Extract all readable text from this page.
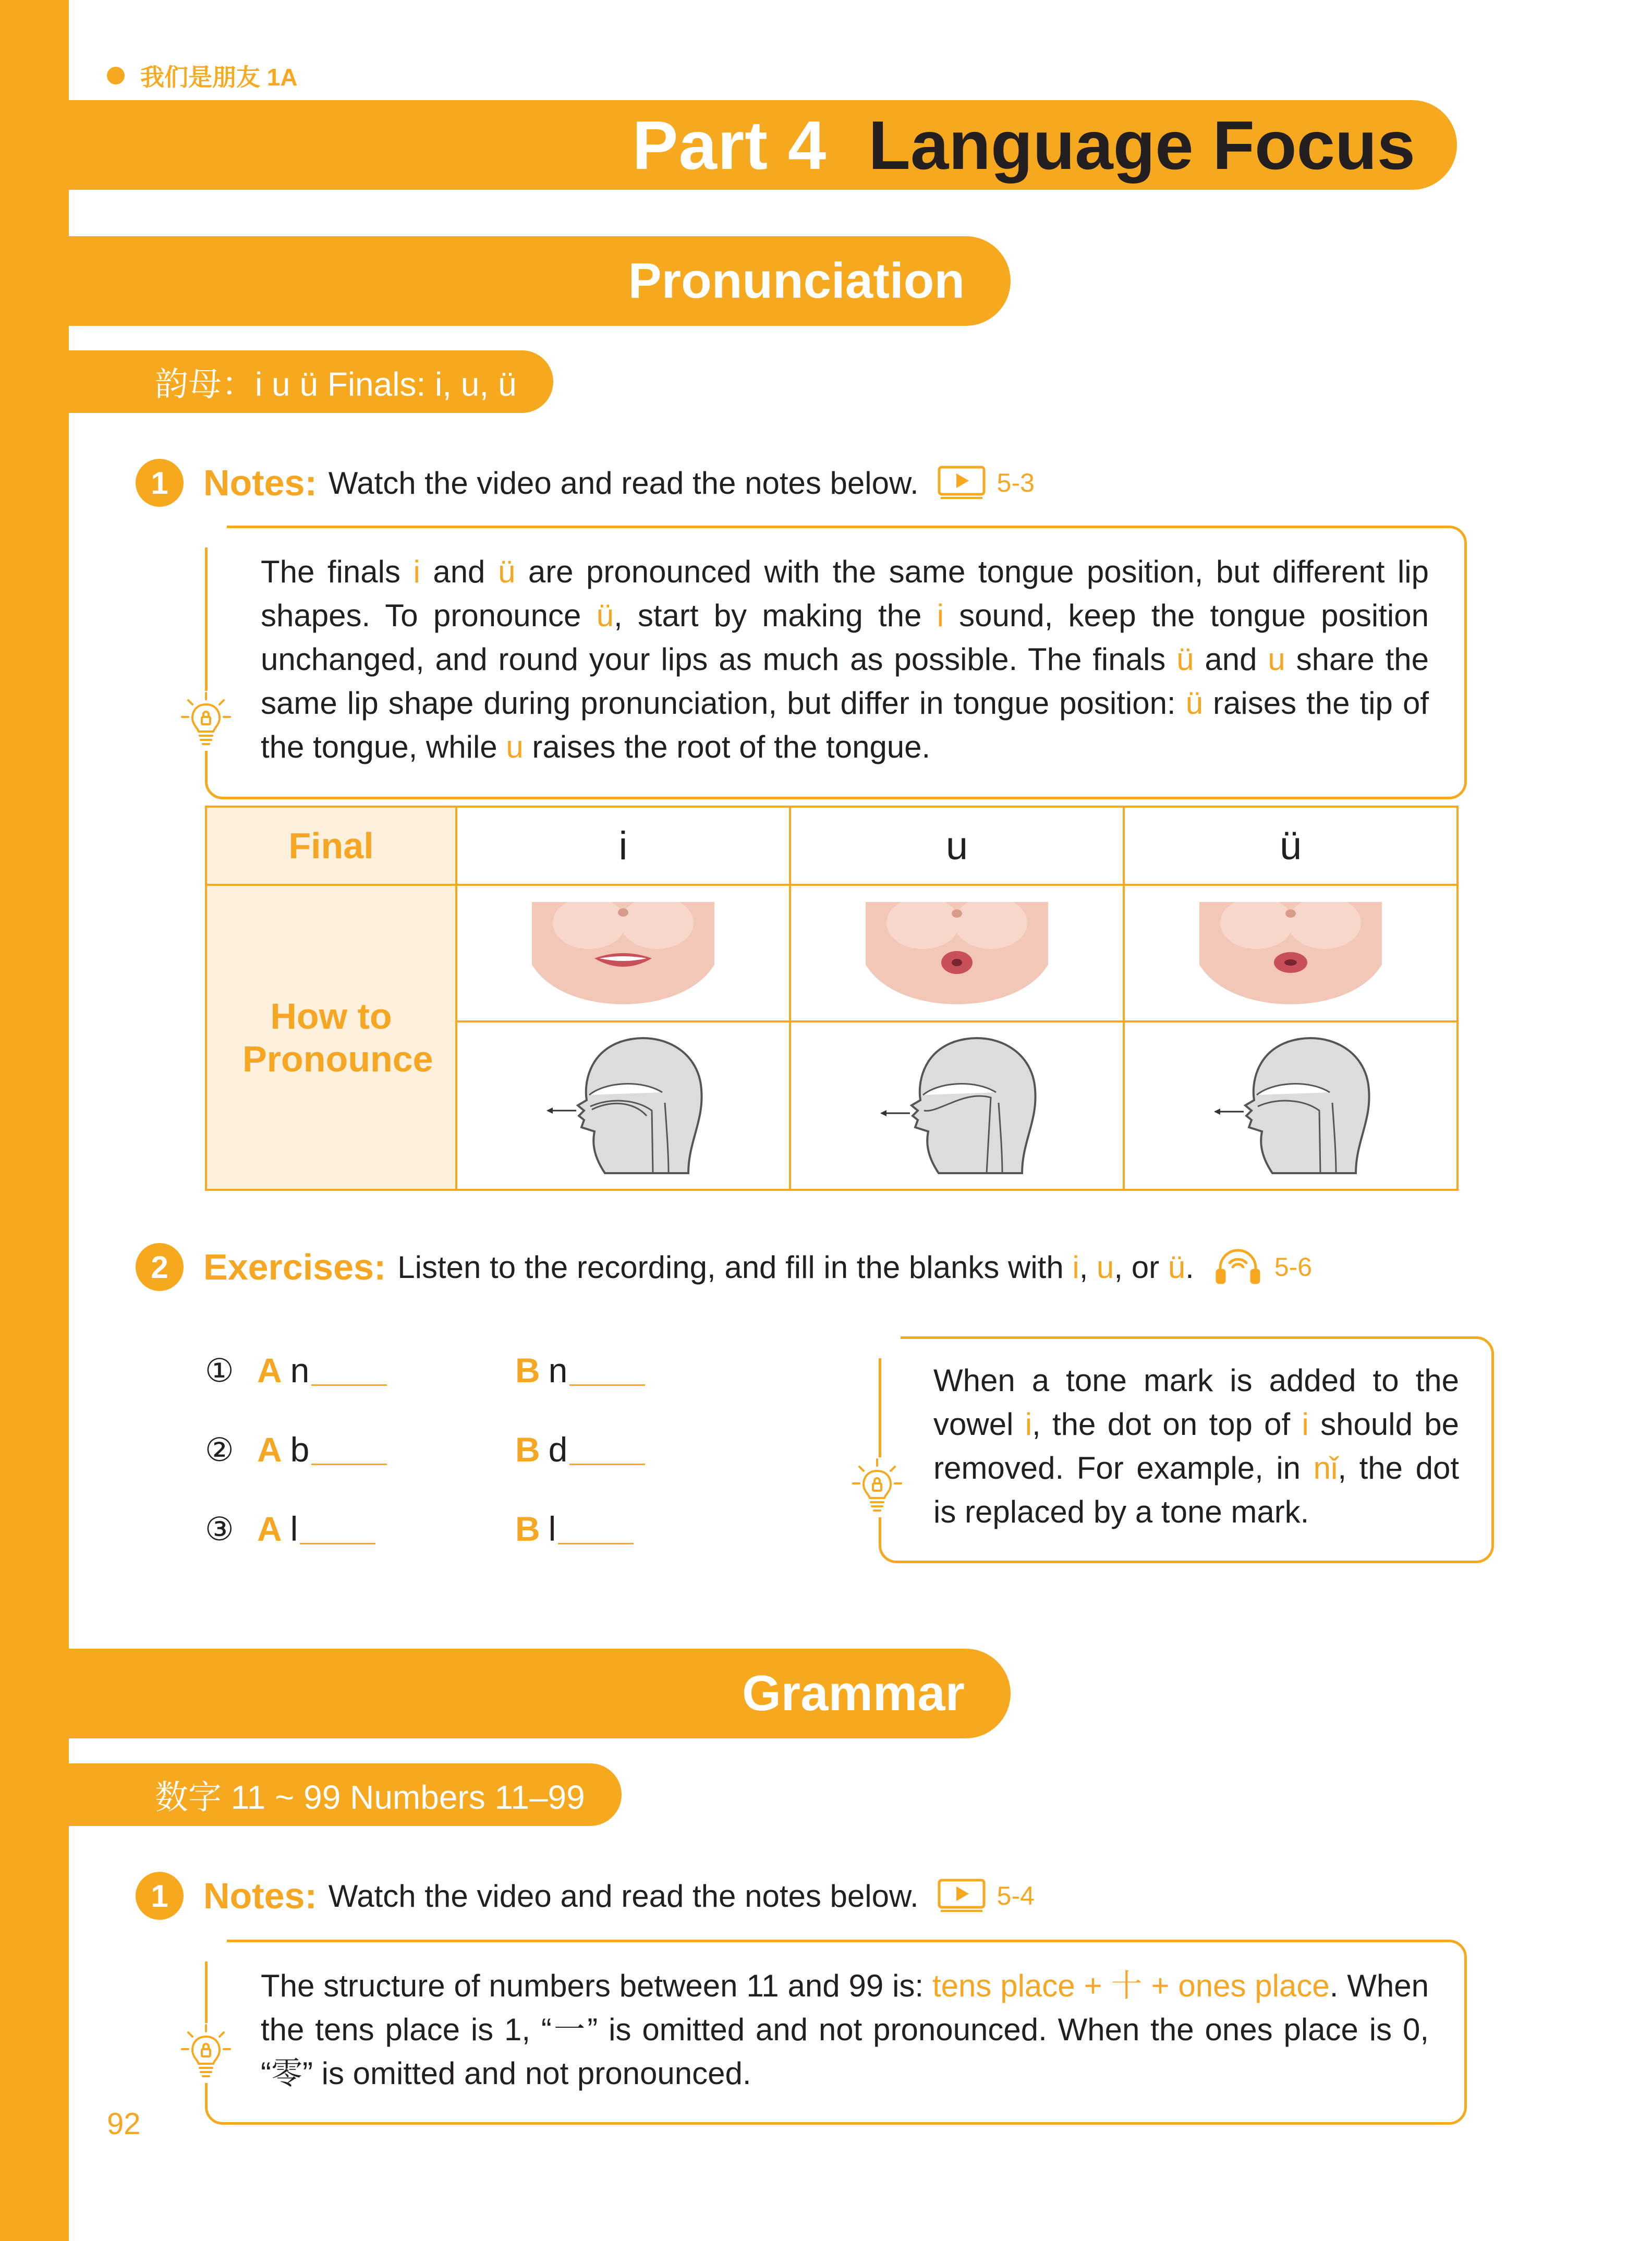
我们是朋友 1A
Part 4 Language Focus
Pronunciation
韵母：i u ü Finals: i, u, ü
1 Notes: Watch the video and read the notes below.	5-3

The finals i and ü are pronounced with the same tongue position, but different lip shapes. To pronounce ü, start by making the i sound, keep the tongue position unchanged, and round your lips as much as possible. The finals ü and u share the same lip shape during pronunciation, but differ in tongue position: ü raises the tip of the tongue, while u raises the root of the tongue.

Final	i	u	ü
How to Pronounce	

2 Exercises: Listen to the recording, and fill in the blanks with i, u, or ü.	5-6
① A n	B n
② A b	B d
③ A l	B l

When a tone mark is added to the vowel i, the dot on top of i should be removed. For example, in nǐ, the dot is replaced by a tone mark.

Grammar
数字 11 ~ 99 Numbers 11–99
1 Notes: Watch the video and read the notes below.	5-4

The structure of numbers between 11 and 99 is: tens place + 十 + ones place. When the tens place is 1, “一” is omitted and not pronounced. When the ones place is 0, “零” is omitted and not pronounced.

92
